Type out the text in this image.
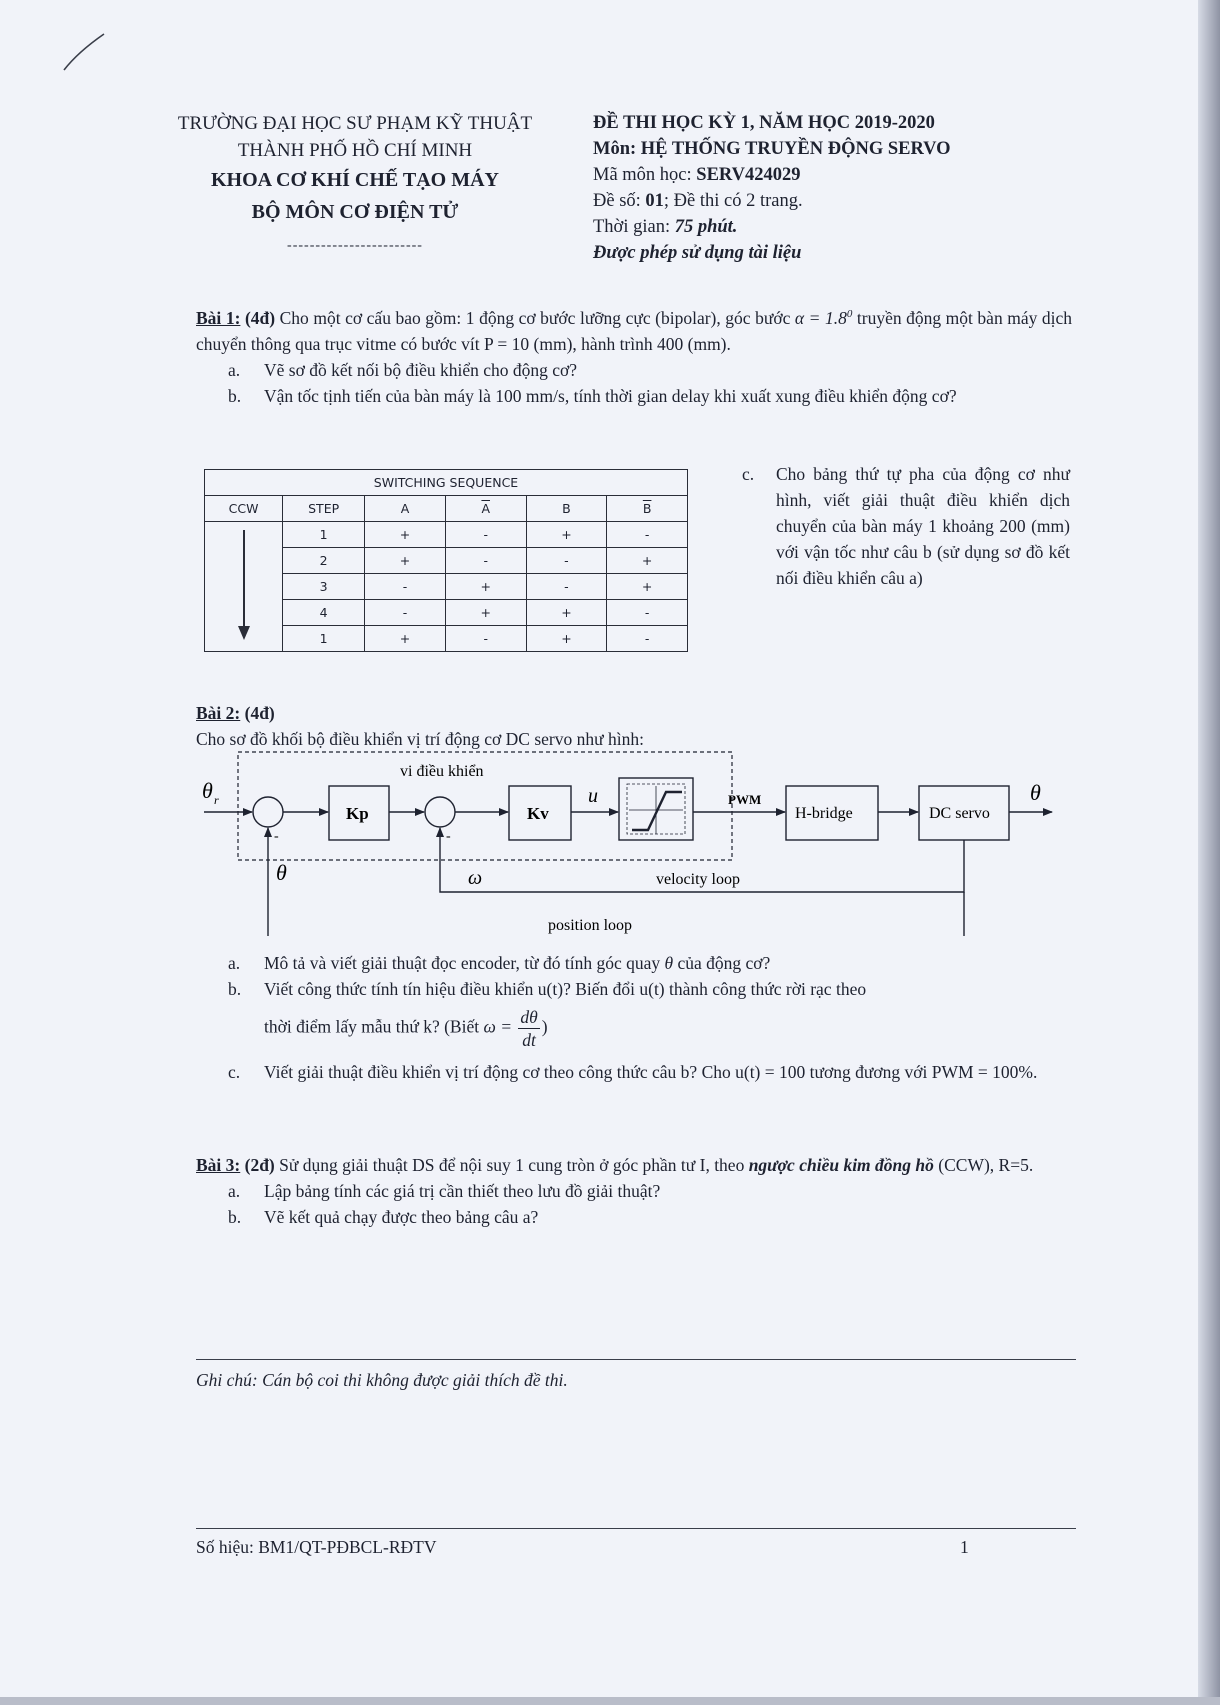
TRƯỜNG ĐẠI HỌC SƯ PHẠM KỸ THUẬT
THÀNH PHỐ HỒ CHÍ MINH
KHOA CƠ KHÍ CHẾ TẠO MÁY
BỘ MÔN CƠ ĐIỆN TỬ
------------------------
ĐỀ THI HỌC KỲ 1, NĂM HỌC 2019-2020
Môn: HỆ THỐNG TRUYỀN ĐỘNG SERVO
Mã môn học: SERV424029
Đề số: 01; Đề thi có 2 trang.
Thời gian: 75 phút.
Được phép sử dụng tài liệu
Bài 1: (4đ) Cho một cơ cấu bao gồm: 1 động cơ bước lưỡng cực (bipolar), góc bước $\alpha = 1.8^0$ truyền động một bàn máy dịch chuyển thông qua trục vitme có bước vít P = 10 (mm), hành trình 400 (mm).
a. Vẽ sơ đồ kết nối bộ điều khiển cho động cơ?
b. Vận tốc tịnh tiến của bàn máy là 100 mm/s, tính thời gian delay khi xuất xung điều khiển động cơ?
SWITCHING SEQUENCE					
CCW	STEP	A	$\overline{A}$	B	$\overline{B}$
	1	+	-	+	-
	2	+	-	-	+
	3	-	+	-	+
	4	-	+	+	-
	1	+	-	+	-
c. Cho bảng thứ tự pha của động cơ như hình, viết giải thuật điều khiển dịch chuyển của bàn máy 1 khoảng 200 (mm) với vận tốc như câu b (sử dụng sơ đồ kết nối điều khiển câu a)
Bài 2: (4đ)
Cho sơ đồ khối bộ điều khiển vị trí động cơ DC servo như hình:
vi điều khiển
θ r
-
Kp
-
Kv
u	PWM
H-bridge	DC servo
θ
ω	velocity loop
θ
position loop
a. Mô tả và viết giải thuật đọc encoder, từ đó tính góc quay θ của động cơ?
b. Viết công thức tính tín hiệu điều khiển u(t)? Biến đổi u(t) thành công thức rời rạc theo
thời điểm lấy mẫu thứ k? (Biết $\omega = \frac{d\theta}{dt}$ )
c. Viết giải thuật điều khiển vị trí động cơ theo công thức câu b? Cho u(t) = 100 tương đương với PWM = 100%.
Bài 3: (2đ) Sử dụng giải thuật DS để nội suy 1 cung tròn ở góc phần tư I, theo ngược chiều kim đồng hồ (CCW), R=5.
a. Lập bảng tính các giá trị cần thiết theo lưu đồ giải thuật?
b. Vẽ kết quả chạy được theo bảng câu a?
Ghi chú: Cán bộ coi thi không được giải thích đề thi.
Số hiệu: BM1/QT-PĐBCL-RĐTV	1
